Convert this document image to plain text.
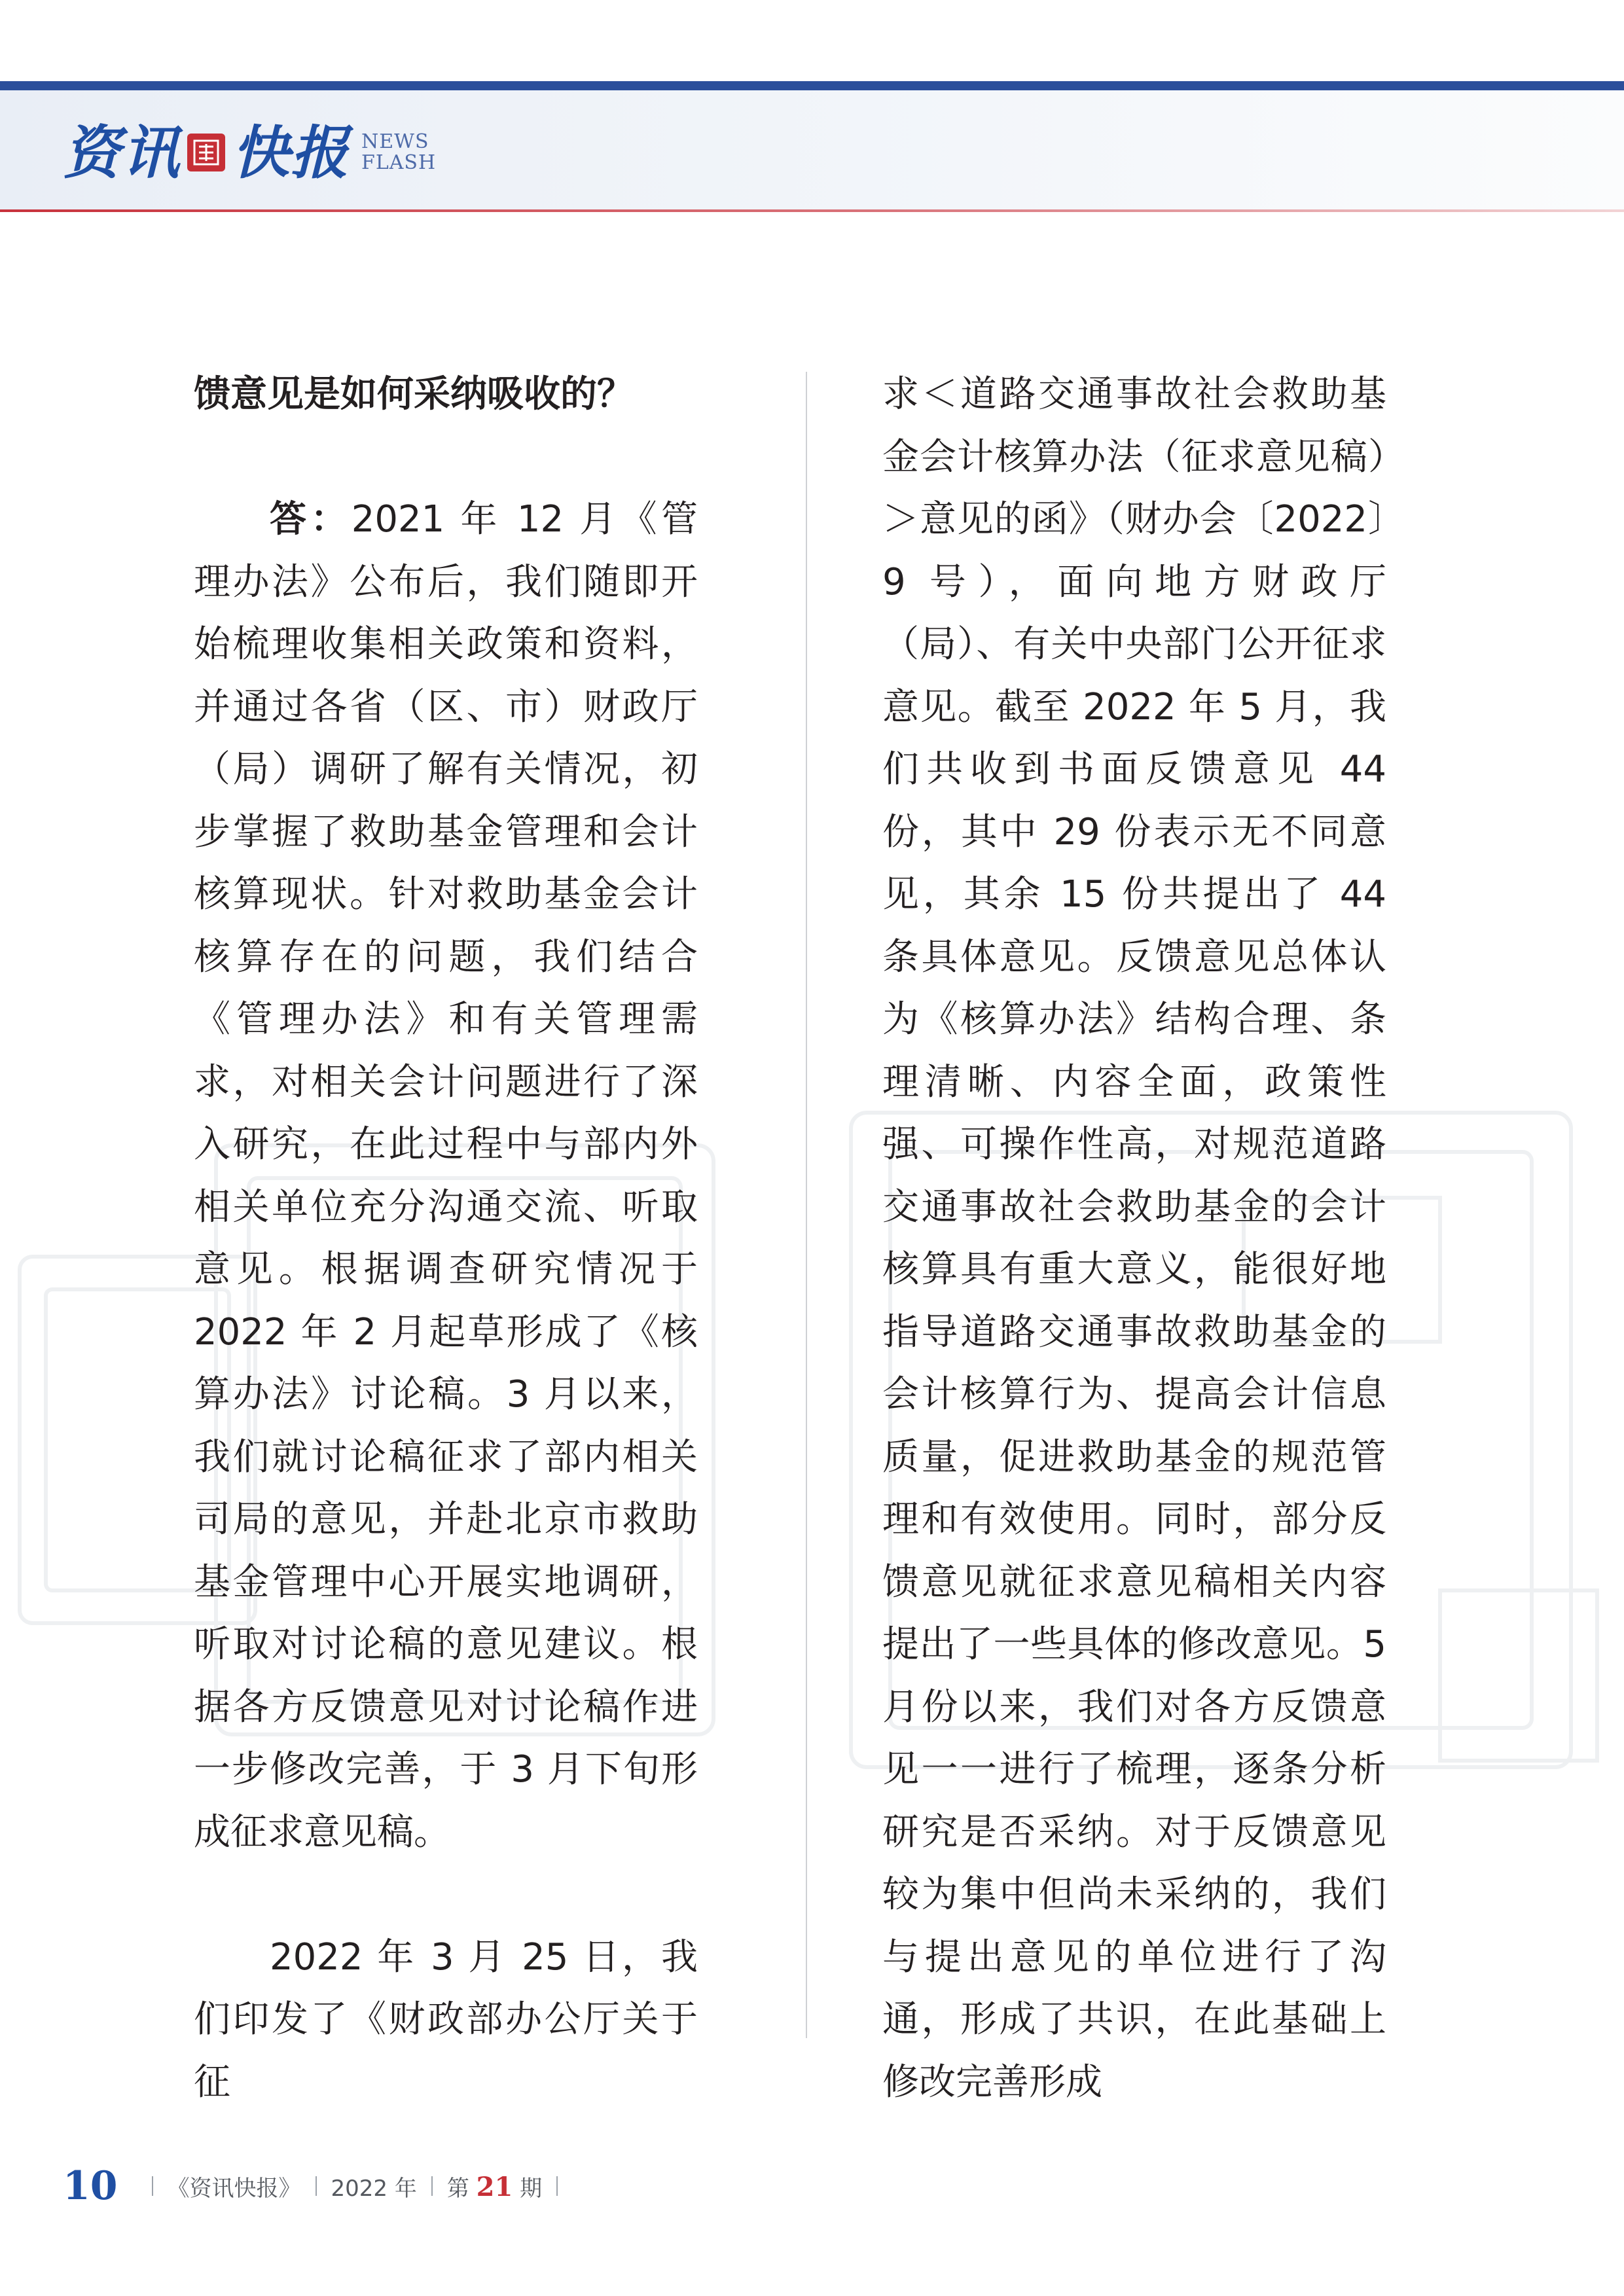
资讯 快报 NEWS
FLASH

馈意见是如何采纳吸收的？

答：2021 年 12 月《管理办法》公布后，我们随即开始梳理收集相关政策和资料，并通过各省（区、市）财政厅（局）调研了解有关情况，初步掌握了救助基金管理和会计核算现状。针对救助基金会计核算存在的问题，我们结合《管理办法》和有关管理需求，对相关会计问题进行了深入研究，在此过程中与部内外相关单位充分沟通交流、听取意见。根据调查研究情况于 2022 年 2 月起草形成了《核算办法》讨论稿。3 月以来，我们就讨论稿征求了部内相关司局的意见，并赴北京市救助基金管理中心开展实地调研，听取对讨论稿的意见建议。根据各方反馈意见对讨论稿作进一步修改完善，于 3 月下旬形成征求意见稿。

2022 年 3 月 25 日，我们印发了《财政部办公厅关于征

求＜道路交通事故社会救助基金会计核算办法（征求意见稿）＞意见的函》（财办会〔2022〕9 号），面向地方财政厅（局）、有关中央部门公开征求意见。截至 2022 年 5 月，我们共收到书面反馈意见 44 份，其中 29 份表示无不同意见，其余 15 份共提出了 44 条具体意见。反馈意见总体认为《核算办法》结构合理、条理清晰、内容全面，政策性强、可操作性高，对规范道路交通事故社会救助基金的会计核算具有重大意义，能很好地指导道路交通事故救助基金的会计核算行为、提高会计信息质量，促进救助基金的规范管理和有效使用。同时，部分反馈意见就征求意见稿相关内容提出了一些具体的修改意见。5 月份以来，我们对各方反馈意见一一进行了梳理，逐条分析研究是否采纳。对于反馈意见较为集中但尚未采纳的，我们与提出意见的单位进行了沟通，形成了共识，在此基础上修改完善形成

10 《资讯快报》 2022 年 第 21 期
